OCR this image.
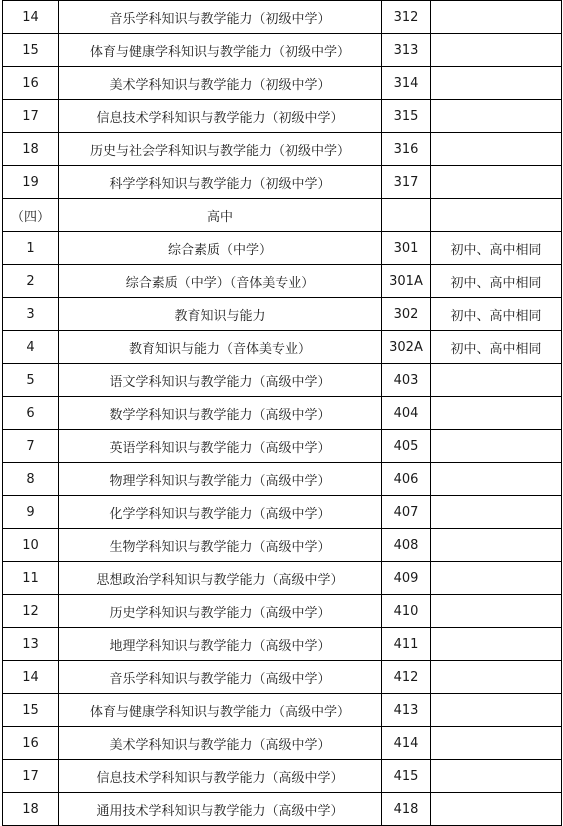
14	音乐学科知识与教学能力（初级中学）	312	
15	体育与健康学科知识与教学能力（初级中学）	313	
16	美术学科知识与教学能力（初级中学）	314	
17	信息技术学科知识与教学能力（初级中学）	315	
18	历史与社会学科知识与教学能力（初级中学）	316	
19	科学学科知识与教学能力（初级中学）	317	
（四）	高中		
1	综合素质（中学）	301	初中、高中相同
2	综合素质（中学）（音体美专业）	301A	初中、高中相同
3	教育知识与能力	302	初中、高中相同
4	教育知识与能力（音体美专业）	302A	初中、高中相同
5	语文学科知识与教学能力（高级中学）	403	
6	数学学科知识与教学能力（高级中学）	404	
7	英语学科知识与教学能力（高级中学）	405	
8	物理学科知识与教学能力（高级中学）	406	
9	化学学科知识与教学能力（高级中学）	407	
10	生物学科知识与教学能力（高级中学）	408	
11	思想政治学科知识与教学能力（高级中学）	409	
12	历史学科知识与教学能力（高级中学）	410	
13	地理学科知识与教学能力（高级中学）	411	
14	音乐学科知识与教学能力（高级中学）	412	
15	体育与健康学科知识与教学能力（高级中学）	413	
16	美术学科知识与教学能力（高级中学）	414	
17	信息技术学科知识与教学能力（高级中学）	415	
18	通用技术学科知识与教学能力（高级中学）	418	
